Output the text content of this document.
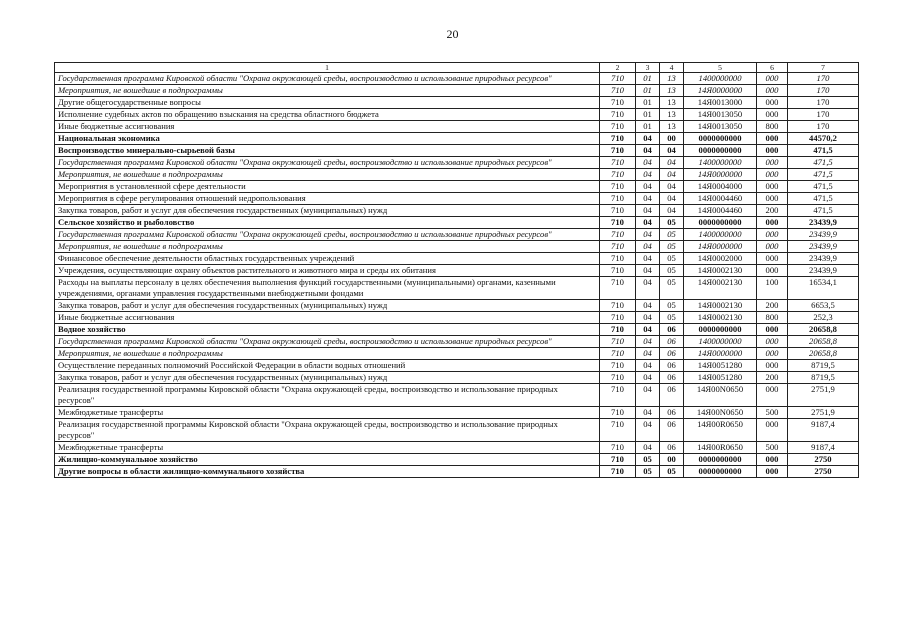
20
1	2	3	4	5	6	7
Государственная программа Кировской области "Охрана окружающей среды, воспроизводство и использование природных ресурсов"	710	01	13	1400000000	000	170
Мероприятия, не вошедшие в подпрограммы	710	01	13	14Я0000000	000	170
Другие общегосударственные вопросы	710	01	13	14Я0013000	000	170
Исполнение судебных актов по обращению взыскания на средства областного бюджета	710	01	13	14Я0013050	000	170
Иные бюджетные ассигнования	710	01	13	14Я0013050	800	170
Национальная экономика	710	04	00	0000000000	000	44570,2
Воспроизводство минерально-сырьевой базы	710	04	04	0000000000	000	471,5
Государственная программа Кировской области "Охрана окружающей среды, воспроизводство и использование природных ресурсов"	710	04	04	1400000000	000	471,5
Мероприятия, не вошедшие в подпрограммы	710	04	04	14Я0000000	000	471,5
Мероприятия в установленной сфере деятельности	710	04	04	14Я0004000	000	471,5
Мероприятия в сфере регулирования отношений недропользования	710	04	04	14Я0004460	000	471,5
Закупка товаров, работ и услуг для обеспечения государственных (муниципальных) нужд	710	04	04	14Я0004460	200	471,5
Сельское хозяйство и рыболовство	710	04	05	0000000000	000	23439,9
Государственная программа Кировской области "Охрана окружающей среды, воспроизводство и использование природных ресурсов"	710	04	05	1400000000	000	23439,9
Мероприятия, не вошедшие в подпрограммы	710	04	05	14Я0000000	000	23439,9
Финансовое обеспечение деятельности областных государственных учреждений	710	04	05	14Я0002000	000	23439,9
Учреждения, осуществляющие охрану объектов растительного и животного мира и среды их обитания	710	04	05	14Я0002130	000	23439,9
Расходы на выплаты персоналу в целях обеспечения выполнения функций государственными (муниципальными) органами, казенными учреждениями, органами управления государственными внебюджетными фондами	710	04	05	14Я0002130	100	16534,1
Закупка товаров, работ и услуг для обеспечения государственных (муниципальных) нужд	710	04	05	14Я0002130	200	6653,5
Иные бюджетные ассигнования	710	04	05	14Я0002130	800	252,3
Водное хозяйство	710	04	06	0000000000	000	20658,8
Государственная программа Кировской области "Охрана окружающей среды, воспроизводство и использование природных ресурсов"	710	04	06	1400000000	000	20658,8
Мероприятия, не вошедшие в подпрограммы	710	04	06	14Я0000000	000	20658,8
Осуществление переданных полномочий Российской Федерации в области водных отношений	710	04	06	14Я0051280	000	8719,5
Закупка товаров, работ и услуг для обеспечения государственных (муниципальных) нужд	710	04	06	14Я0051280	200	8719,5
Реализация государственной программы Кировской области "Охрана окружающей среды, воспроизводство и использование природных ресурсов"	710	04	06	14Я00N0650	000	2751,9
Межбюджетные трансферты	710	04	06	14Я00N0650	500	2751,9
Реализация государственной программы Кировской области "Охрана окружающей среды, воспроизводство и использование природных ресурсов"	710	04	06	14Я00R0650	000	9187,4
Межбюджетные трансферты	710	04	06	14Я00R0650	500	9187,4
Жилищно-коммунальное хозяйство	710	05	00	0000000000	000	2750
Другие вопросы в области жилищно-коммунального хозяйства	710	05	05	0000000000	000	2750
